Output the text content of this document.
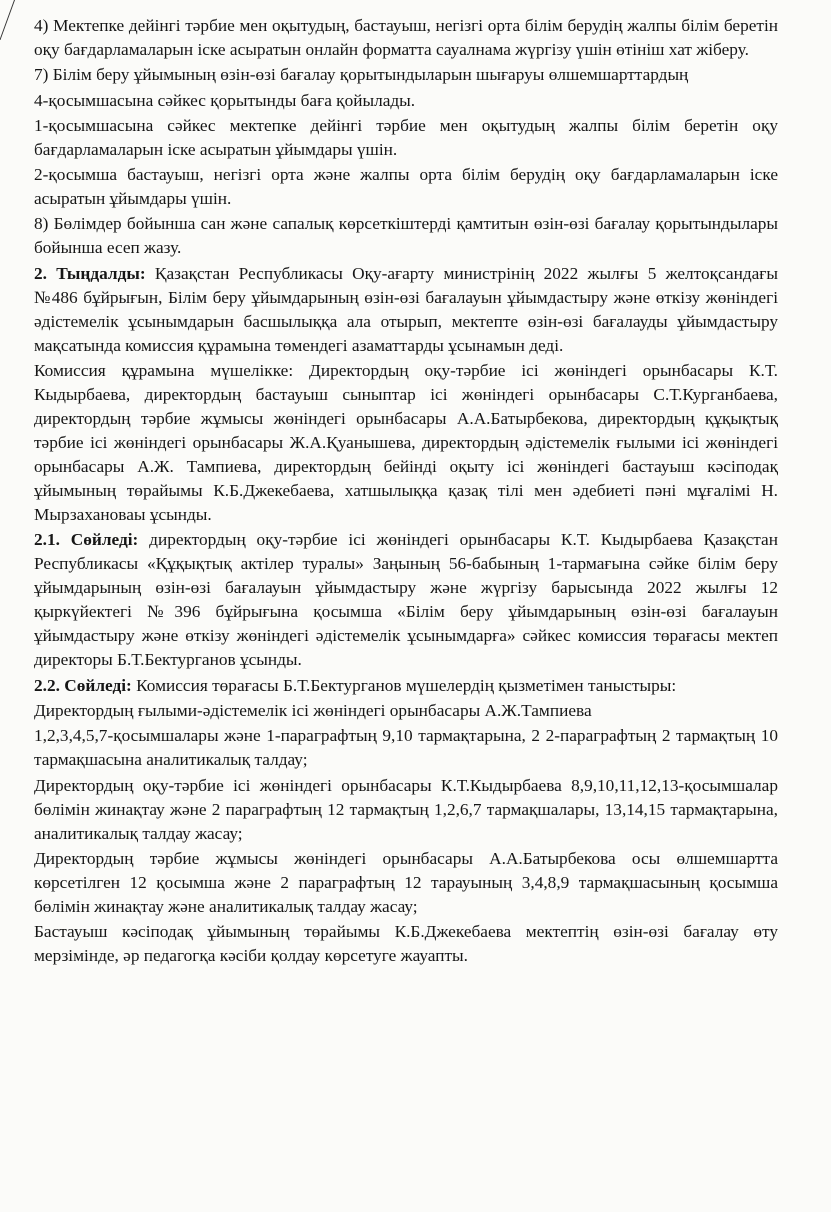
4) Мектепке дейінгі тәрбие мен оқытудың, бастауыш, негізгі орта білім берудің жалпы білім беретін оқу бағдарламаларын іске асыратын онлайн форматта сауалнама жүргізу үшін өтініш хат жіберу.

7) Білім беру ұйымының өзін-өзі бағалау қорытындыларын шығаруы өлшемшарттардың

4-қосымшасына сәйкес қорытынды баға қойылады.

1-қосымшасына сәйкес мектепке дейінгі тәрбие мен оқытудың жалпы білім беретін оқу бағдарламаларын іске асыратын ұйымдары үшін.

2-қосымша бастауыш, негізгі орта және жалпы орта білім берудің оқу бағдарламаларын іске асыратын ұйымдары үшін.

8) Бөлімдер бойынша сан және сапалық көрсеткіштерді қамтитын өзін-өзі бағалау қорытындылары бойынша есеп жазу.

2. Тыңдалды: Қазақстан Республикасы Оқу-ағарту министрінің 2022 жылғы 5 желтоқсандағы №486 бұйрығын, Білім беру ұйымдарының өзін-өзі бағалауын ұйымдастыру және өткізу жөніндегі әдістемелік ұсынымдарын басшылыққа ала отырып, мектепте өзін-өзі бағалауды ұйымдастыру мақсатында комиссия құрамына төмендегі азаматтарды ұсынамын деді.

Комиссия құрамына мүшелікке: Директордың оқу-тәрбие ісі жөніндегі орынбасары К.Т. Кыдырбаева, директордың бастауыш сыныптар ісі жөніндегі орынбасары С.Т.Курганбаева, директордың тәрбие жұмысы жөніндегі орынбасары А.А.Батырбекова, директордың құқықтық тәрбие ісі жөніндегі орынбасары Ж.А.Қуанышева, директордың әдістемелік ғылыми ісі жөніндегі орынбасары А.Ж. Тампиева, директордың бейінді оқыту ісі жөніндегі бастауыш кәсіподақ ұйымының төрайымы К.Б.Джекебаева, хатшылыққа қазақ тілі мен әдебиеті пәні мұғалімі Н. Мырзахановаы ұсынды.

2.1. Сөйледі: директордың оқу-тәрбие ісі жөніндегі орынбасары К.Т. Кыдырбаева Қазақстан Республикасы «Құқықтық актілер туралы» Заңының 56-бабының 1-тармағына сәйке білім беру ұйымдарының өзін-өзі бағалауын ұйымдастыру және жүргізу барысында 2022 жылғы 12 қыркүйектегі №396 бұйрығына қосымша «Білім беру ұйымдарының өзін-өзі бағалауын ұйымдастыру және өткізу жөніндегі әдістемелік ұсынымдарға» сәйкес комиссия төрағасы мектеп директоры Б.Т.Бектурганов ұсынды.

2.2. Сөйледі: Комиссия төрағасы Б.Т.Бектурганов мүшелердің қызметімен таныстыры:

Директордың ғылыми-әдістемелік ісі жөніндегі орынбасары А.Ж.Тампиева

1,2,3,4,5,7-қосымшалары және 1-параграфтың 9,10 тармақтарына, 2 2-параграфтың 2 тармақтың 10 тармақшасына аналитикалық талдау;

Директордың оқу-тәрбие ісі жөніндегі орынбасары К.Т.Кыдырбаева 8,9,10,11,12,13-қосымшалар бөлімін жинақтау және 2 параграфтың 12 тармақтың 1,2,6,7 тармақшалары, 13,14,15 тармақтарына, аналитикалық талдау жасау;

Директордың тәрбие жұмысы жөніндегі орынбасары А.А.Батырбекова осы өлшемшартта көрсетілген 12 қосымша және 2 параграфтың 12 тарауының 3,4,8,9 тармақшасының қосымша бөлімін жинақтау және аналитикалық талдау жасау;

Бастауыш кәсіподақ ұйымының төрайымы К.Б.Джекебаева мектептің өзін-өзі бағалау өту мерзімінде, әр педагогқа кәсіби қолдау көрсетуге жауапты.
